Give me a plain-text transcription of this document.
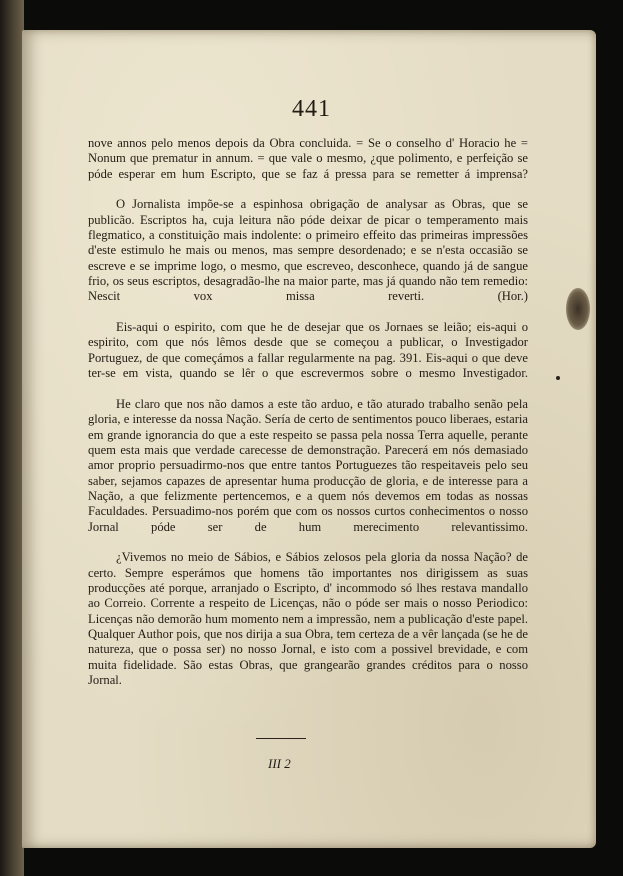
441

nove annos pelo menos depois da Obra concluida. = Se o conselho d' Horacio he = Nonum que prematur in annum. = que vale o mesmo, ¿que polimento, e perfeição se póde esperar em hum Escripto, que se faz á pressa para se remetter á imprensa?

O Jornalista impõe-se a espinhosa obrigação de analysar as Obras, que se publicão. Escriptos ha, cuja leitura não póde deixar de picar o temperamento mais flegmatico, a constituição mais indolente: o primeiro effeito das primeiras impressões d'este estimulo he mais ou menos, mas sempre desordenado; e se n'esta occasião se escreve e se imprime logo, o mesmo, que escreveo, desconhece, quando já de sangue frio, os seus escriptos, desagradão-lhe na maior parte, mas já quando não tem remedio: Nescit vox missa reverti. (Hor.)

Eis-aqui o espirito, com que he de desejar que os Jornaes se leião; eis-aqui o espirito, com que nós lêmos desde que se começou a publicar, o Investigador Portuguez, de que começámos a fallar regularmente na pag. 391. Eis-aqui o que deve ter-se em vista, quando se lêr o que escrevermos sobre o mesmo Investigador.

He claro que nos não damos a este tão arduo, e tão aturado trabalho senão pela gloria, e interesse da nossa Nação. Sería de certo de sentimentos pouco liberaes, estaria em grande ignorancia do que a este respeito se passa pela nossa Terra aquelle, perante quem esta mais que verdade carecesse de demonstração. Parecerá em nós demasiado amor proprio persuadirmo-nos que entre tantos Portuguezes tão respeitaveis pelo seu saber, sejamos capazes de apresentar huma producção de gloria, e de interesse para a Nação, a que felizmente pertencemos, e a quem nós devemos em todas as nossas Faculdades. Persuadimo-nos porém que com os nossos curtos conhecimentos o nosso Jornal póde ser de hum merecimento relevantissimo.

¿Vivemos no meio de Sábios, e Sábios zelosos pela gloria da nossa Nação? de certo. Sempre esperámos que homens tão importantes nos dirigissem as suas producções até porque, arranjado o Escripto, d' incommodo só lhes restava mandallo ao Correio. Corrente a respeito de Licenças, não o póde ser mais o nosso Periodico: Licenças não demorão hum momento nem a impressão, nem a publicação d'este papel. Qualquer Author pois, que nos dirija a sua Obra, tem certeza de a vêr lançada (se he de natureza, que o possa ser) no nosso Jornal, e isto com a possivel brevidade, e com muita fidelidade. São estas Obras, que grangearão grandes créditos para o nosso Jornal.

III 2
